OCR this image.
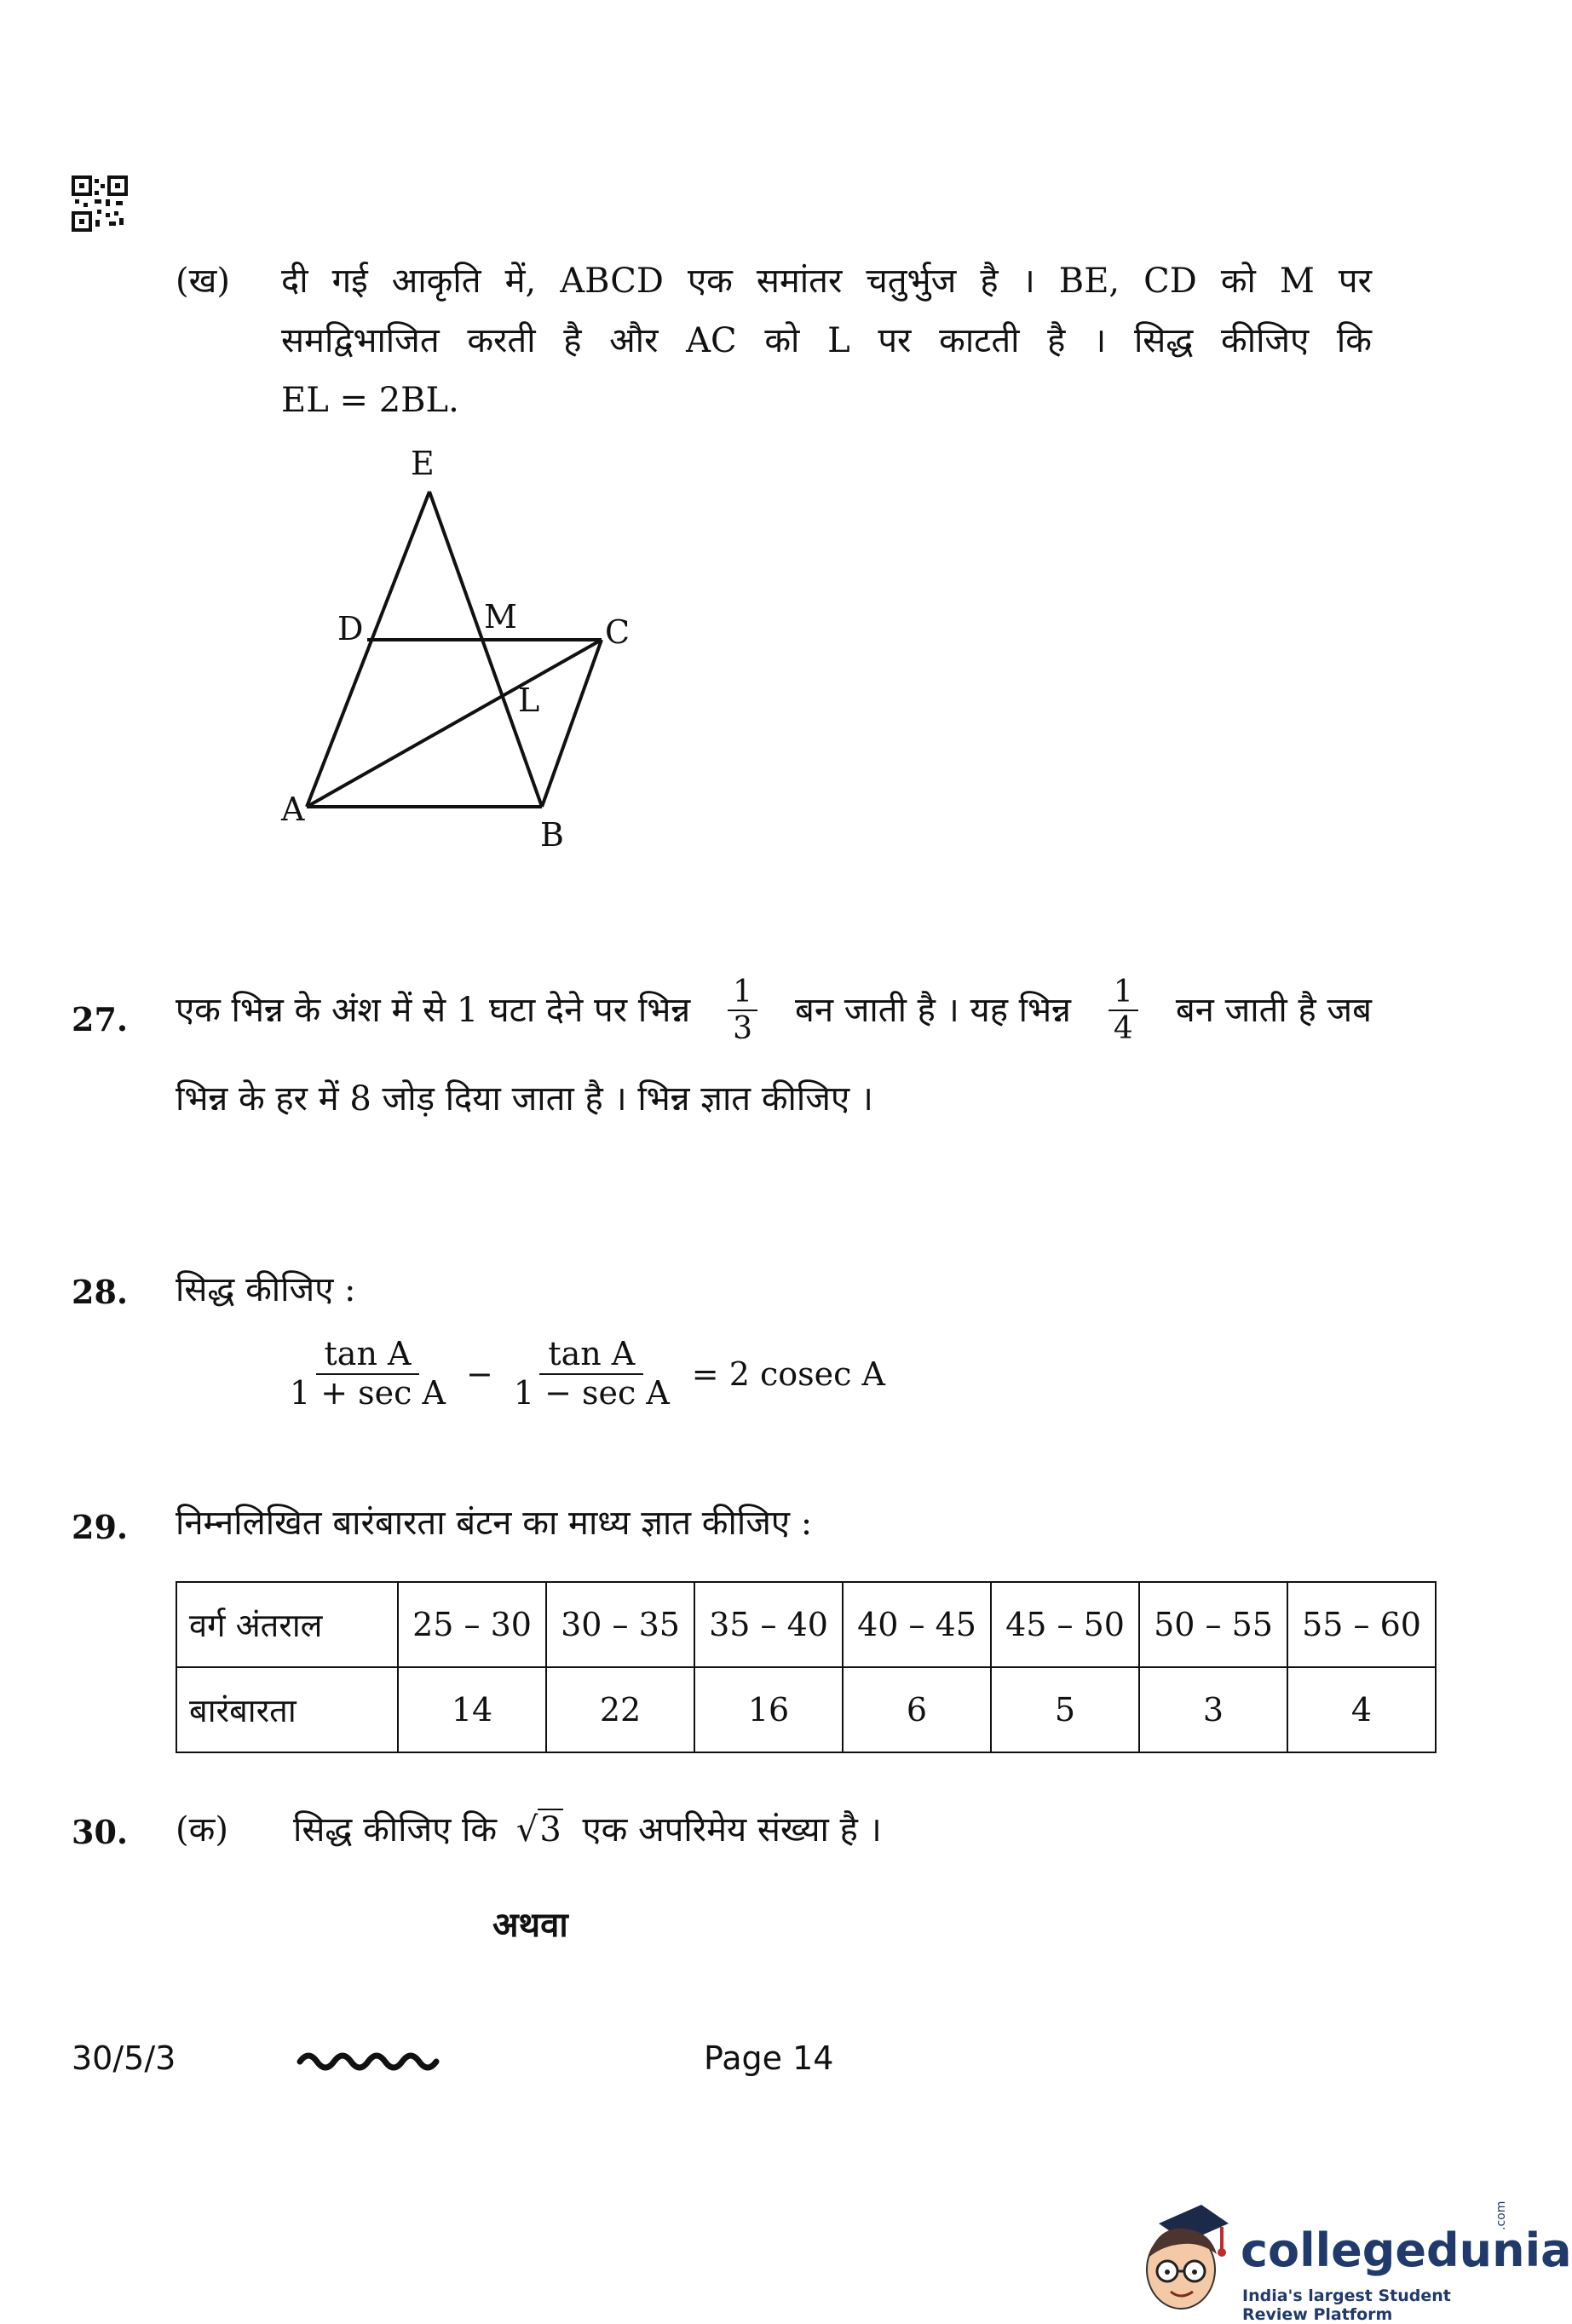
(ख) दी गई आकृति में, ABCD एक समांतर चतुर्भुज है । BE, CD को M पर
समद्विभाजित करती है और AC को L पर काटती है । सिद्ध कीजिए कि
EL = 2BL.
E
D	M	C
L
A
B
27. एक भिन्न के अंश में से 1 घटा देने पर भिन्न $\frac{1}{3}$ बन जाती है । यह भिन्न $\frac{1}{4}$ बन जाती है जब
भिन्न के हर में 8 जोड़ दिया जाता है । भिन्न ज्ञात कीजिए ।
28. सिद्ध कीजिए :
$\frac{\text{tan A}}{\text{1 + sec A}} - \frac{\text{tan A}}{\text{1 − sec A}} = 2$ cosec A
29. निम्नलिखित बारंबारता बंटन का माध्य ज्ञात कीजिए :
वर्ग अंतराल	25 – 30	30 – 35	35 – 40	40 – 45	45 – 50	50 – 55	55 – 60
बारंबारता	14	22	16	6	5	3	4
30. (क) सिद्ध कीजिए कि √3 एक अपरिमेय संख्या है ।
अथवा
30/5/3	Page 14
collegedunia
.com
India's largest Student Review Platform
